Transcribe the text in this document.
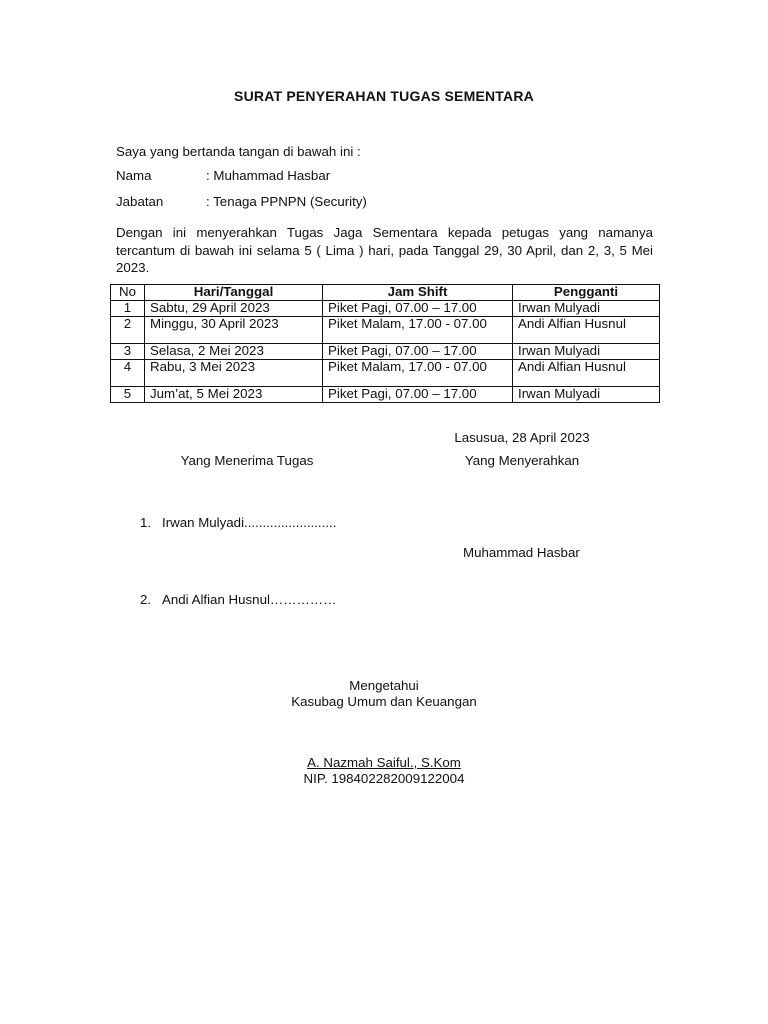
SURAT PENYERAHAN TUGAS SEMENTARA
Saya yang bertanda tangan di bawah ini :
Nama	: Muhammad Hasbar
Jabatan	: Tenaga PPNPN (Security)
Dengan ini menyerahkan Tugas Jaga Sementara kepada petugas yang namanya tercantum di bawah ini selama 5 ( Lima ) hari, pada Tanggal 29, 30 April, dan 2, 3, 5 Mei 2023.
No	Hari/Tanggal	Jam Shift	Pengganti
1	Sabtu, 29 April 2023	Piket Pagi, 07.00 – 17.00	Irwan Mulyadi
2	Minggu, 30 April 2023	Piket Malam, 17.00 - 07.00	Andi Alfian Husnul
3	Selasa, 2 Mei 2023	Piket Pagi, 07.00 – 17.00	Irwan Mulyadi
4	Rabu, 3 Mei 2023	Piket Malam, 17.00 - 07.00	Andi Alfian Husnul
5	Jum’at, 5 Mei 2023	Piket Pagi, 07.00 – 17.00	Irwan Mulyadi
Lasusua, 28 April 2023
Yang Menerima Tugas	Yang Menyerahkan
1. Irwan Mulyadi.........................
Muhammad Hasbar
2. Andi Alfian Husnul……………
Mengetahui
Kasubag Umum dan Keuangan
A. Nazmah Saiful., S.Kom
NIP. 198402282009122004
